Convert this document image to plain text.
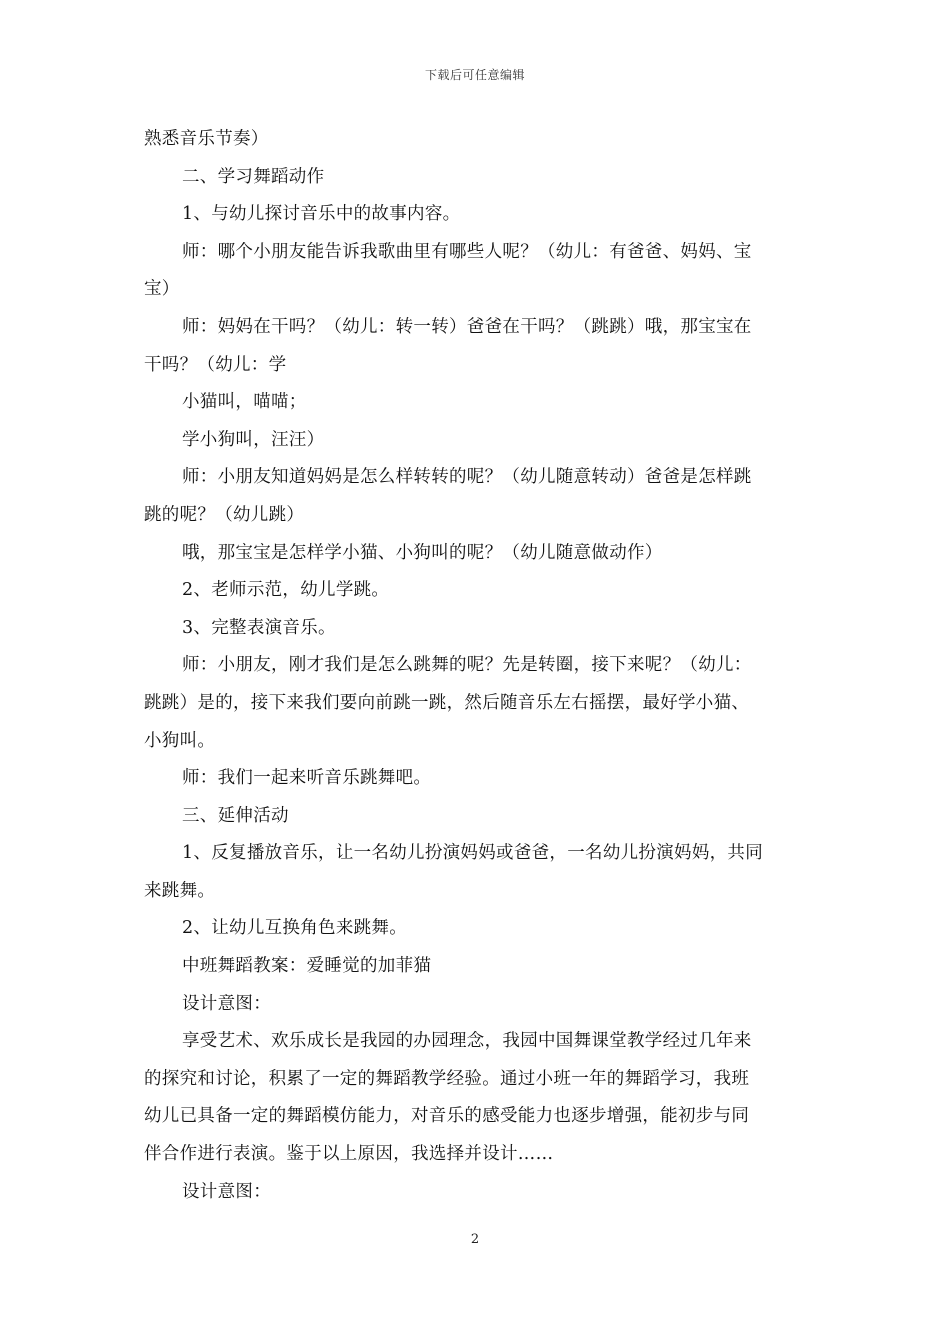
下载后可任意编辑
熟悉音乐节奏）
二、学习舞蹈动作
1、与幼儿探讨音乐中的故事内容。
师：哪个小朋友能告诉我歌曲里有哪些人呢？（幼儿：有爸爸、妈妈、宝
宝）
师：妈妈在干吗？（幼儿：转一转）爸爸在干吗？（跳跳）哦，那宝宝在
干吗？（幼儿：学
小猫叫，喵喵；
学小狗叫，汪汪）
师：小朋友知道妈妈是怎么样转转的呢？（幼儿随意转动）爸爸是怎样跳
跳的呢？（幼儿跳）
哦，那宝宝是怎样学小猫、小狗叫的呢？（幼儿随意做动作）
2、老师示范，幼儿学跳。
3、完整表演音乐。
师：小朋友，刚才我们是怎么跳舞的呢？先是转圈，接下来呢？（幼儿：
跳跳）是的，接下来我们要向前跳一跳，然后随音乐左右摇摆，最好学小猫、
小狗叫。
师：我们一起来听音乐跳舞吧。
三、延伸活动
1、反复播放音乐，让一名幼儿扮演妈妈或爸爸，一名幼儿扮演妈妈，共同
来跳舞。
2、让幼儿互换角色来跳舞。
中班舞蹈教案：爱睡觉的加菲猫
设计意图：
享受艺术、欢乐成长是我园的办园理念，我园中国舞课堂教学经过几年来
的探究和讨论，积累了一定的舞蹈教学经验。通过小班一年的舞蹈学习，我班
幼儿已具备一定的舞蹈模仿能力，对音乐的感受能力也逐步增强，能初步与同
伴合作进行表演。鉴于以上原因，我选择并设计……
设计意图：
2
